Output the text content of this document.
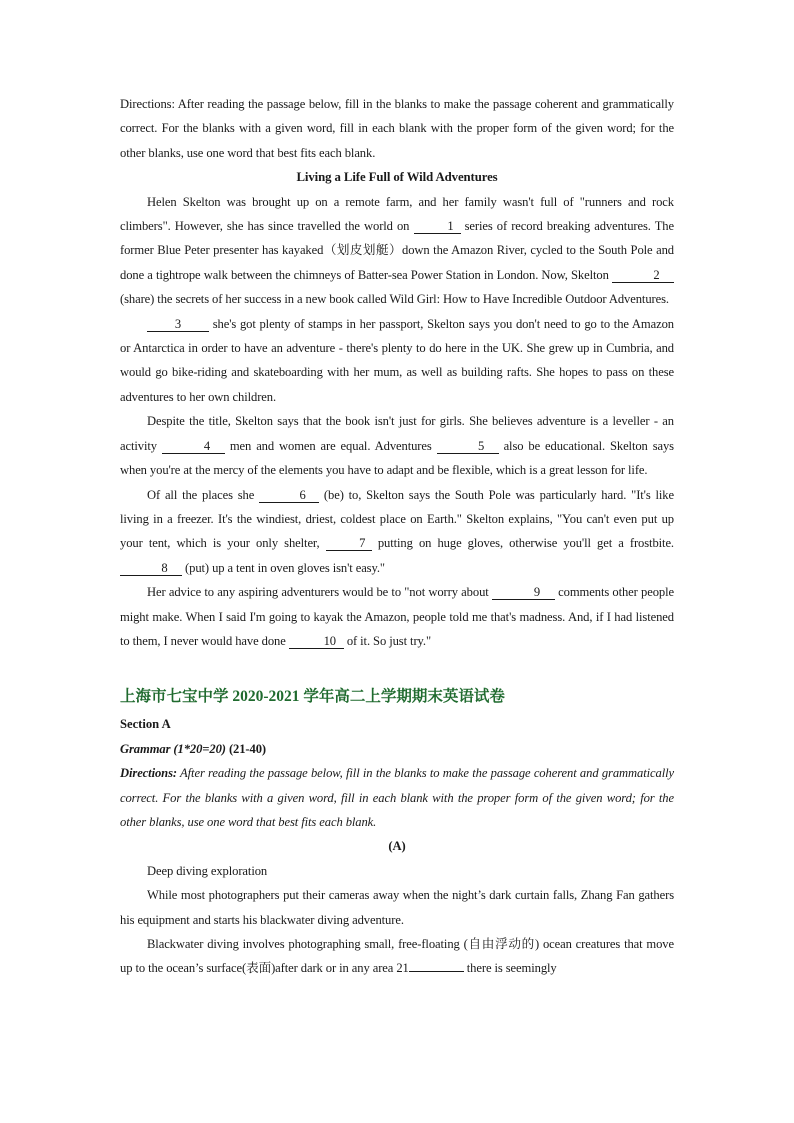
Directions: After reading the passage below, fill in the blanks to make the passage coherent and grammatically correct. For the blanks with a given word, fill in each blank with the proper form of the given word; for the other blanks, use one word that best fits each blank.

Living a Life Full of Wild Adventures

Helen Skelton was brought up on a remote farm, and her family wasn't full of "runners and rock climbers". However, she has since travelled the world on	1 series of record breaking adventures. The former Blue Peter presenter has kayaked（划皮划艇）down the Amazon River, cycled to the South Pole and done a tightrope walk between the chimneys of Batter-sea Power Station in London. Now, Skelton	2 (share) the secrets of her success in a new book called Wild Girl: How to Have Incredible Outdoor Adventures.

3 she's got plenty of stamps in her passport, Skelton says you don't need to go to the Amazon or Antarctica in order to have an adventure - there's plenty to do here in the UK. She grew up in Cumbria, and would go bike-riding and skateboarding with her mum, as well as building rafts. She hopes to pass on these adventures to her own children.

Despite the title, Skelton says that the book isn't just for girls. She believes adventure is a leveller - an activity	4 men and women are equal. Adventures	5 also be educational. Skelton says when you're at the mercy of the elements you have to adapt and be flexible, which is a great lesson for life.

Of all the places she	6 (be) to, Skelton says the South Pole was particularly hard. "It's like living in a freezer. It's the windiest, driest, coldest place on Earth." Skelton explains, "You can't even put up your tent, which is your only shelter,	7 putting on huge gloves, otherwise you'll get a frostbite. 8 (put) up a tent in oven gloves isn't easy."

Her advice to any aspiring adventurers would be to "not worry about	9 comments other people might make. When I said I'm going to kayak the Amazon, people told me that's madness. And, if I had listened to them, I never would have done	10 of it. So just try."

上海市七宝中学 2020-2021 学年高二上学期期末英语试卷

Section A

Grammar (1*20=20) (21-40)

Directions: After reading the passage below, fill in the blanks to make the passage coherent and grammatically correct. For the blanks with a given word, fill in each blank with the proper form of the given word; for the other blanks, use one word that best fits each blank.

(A)

Deep diving exploration

While most photographers put their cameras away when the night’s dark curtain falls, Zhang Fan gathers his equipment and starts his blackwater diving adventure.

Blackwater diving involves photographing small, free-floating (自由浮动的) ocean creatures that move up to the ocean’s surface(表面)after dark or in any area 21	there is seemingly
